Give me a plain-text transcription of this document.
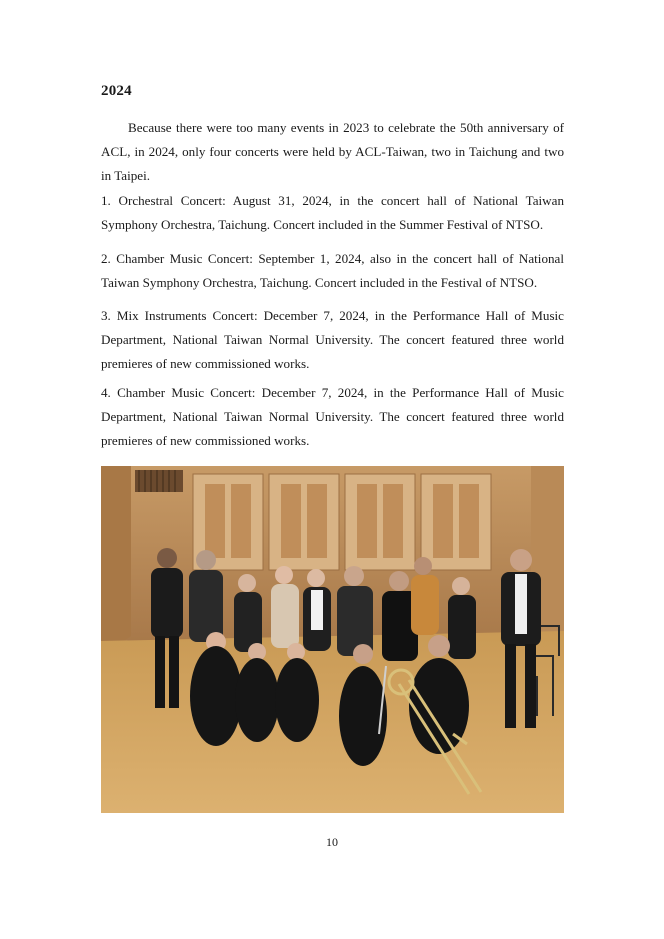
2024

Because there were too many events in 2023 to celebrate the 50th anniversary of ACL, in 2024, only four concerts were held by ACL-Taiwan, two in Taichung and two in Taipei.

1. Orchestral Concert: August 31, 2024, in the concert hall of National Taiwan Symphony Orchestra, Taichung. Concert included in the Summer Festival of NTSO.

2. Chamber Music Concert: September 1, 2024, also in the concert hall of National Taiwan Symphony Orchestra, Taichung. Concert included in the Festival of NTSO.

3. Mix Instruments Concert: December 7, 2024, in the Performance Hall of Music Department, National Taiwan Normal University. The concert featured three world premieres of new commissioned works.

4. Chamber Music Concert: December 7, 2024, in the Performance Hall of Music Department, National Taiwan Normal University. The concert featured three world premieres of new commissioned works.

10
